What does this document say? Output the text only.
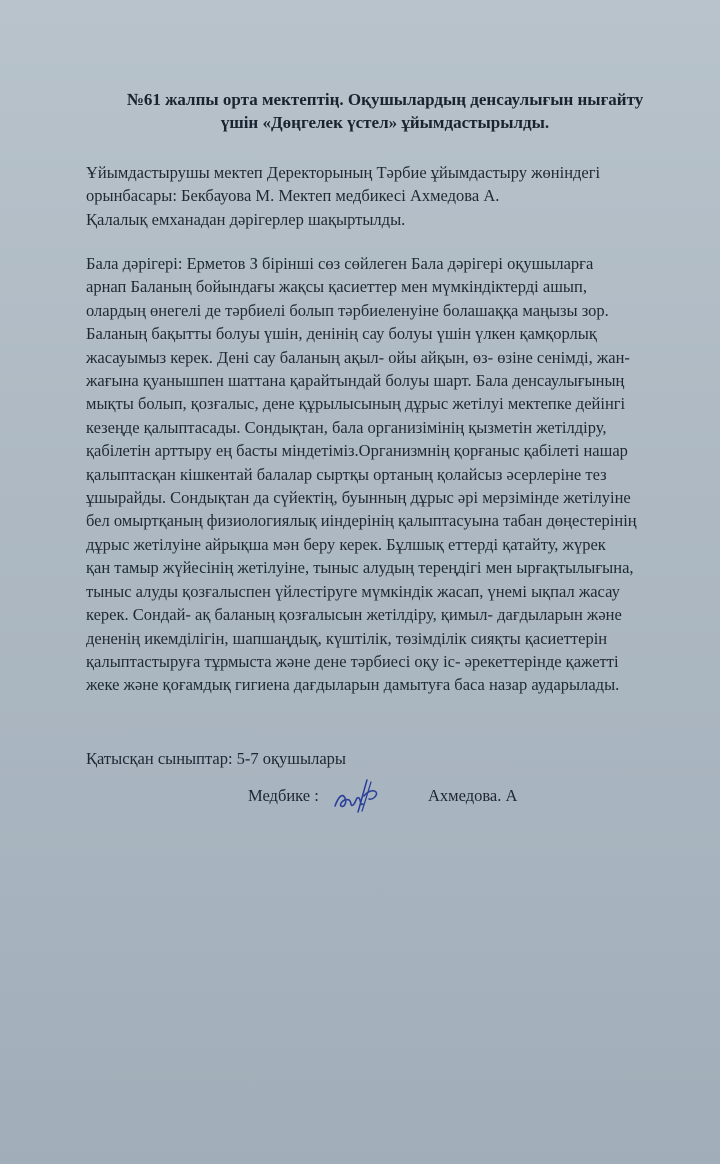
№61 жалпы орта мектептің. Оқушылардың денсаулығын нығайту
үшін «Дөңгелек үстел» ұйымдастырылды.
Ұйымдастырушы мектеп Деректорының Тәрбие ұйымдастыру жөніндегі
орынбасары: Бекбауова М. Мектеп медбикесі Ахмедова А.
Қалалық емханадан дәрігерлер шақыртылды.
Бала дәрігері: Ерметов З бірінші сөз сөйлеген Бала дәрігері оқушыларға
арнап Баланың бойындағы жақсы қасиеттер мен мүмкіндіктерді ашып,
олардың өнегелі де тәрбиелі болып тәрбиеленуіне болашаққа маңызы зор.
Баланың бақытты болуы үшін, денінің сау болуы үшін үлкен қамқорлық
жасауымыз керек. Дені сау баланың ақыл- ойы айқын, өз- өзіне сенімді, жан-
жағына қуанышпен шаттана қарайтындай болуы шарт. Бала денсаулығының
мықты болып, қозғалыс, дене құрылысының дұрыс жетілуі мектепке дейінгі
кезеңде қалыптасады. Сондықтан, бала организімінің қызметін жетілдіру,
қабілетін арттыру ең басты міндетіміз.Организмнің қорғаныс қабілеті нашар
қалыптасқан кішкентай балалар сыртқы ортаның қолайсыз әсерлеріне тез
ұшырайды. Сондықтан да сүйектің, буынның дұрыс әрі мерзімінде жетілуіне
бел омыртқаның физиологиялық иіндерінің қалыптасуына табан дөңестерінің
дұрыс жетілуіне айрықша мән беру керек. Бұлшық еттерді қатайту, жүрек
қан тамыр жүйесінің жетілуіне, тыныс алудың тереңдігі мен ырғақтылығына,
тыныс алуды қозғалыспен үйлестіруге мүмкіндік жасап, үнемі ықпал жасау
керек. Сондай- ақ баланың қозғалысын жетілдіру, қимыл- дағдыларын және
дененің икемділігін, шапшаңдық, күштілік, төзімділік сияқты қасиеттерін
қалыптастыруға тұрмыста және дене тәрбиесі оқу іс- әрекеттерінде қажетті
жеке және қоғамдық гигиена дағдыларын дамытуға баса назар аударылады.
Қатысқан сыныптар: 5-7 оқушылары
Медбике :	Ахмедова. А
